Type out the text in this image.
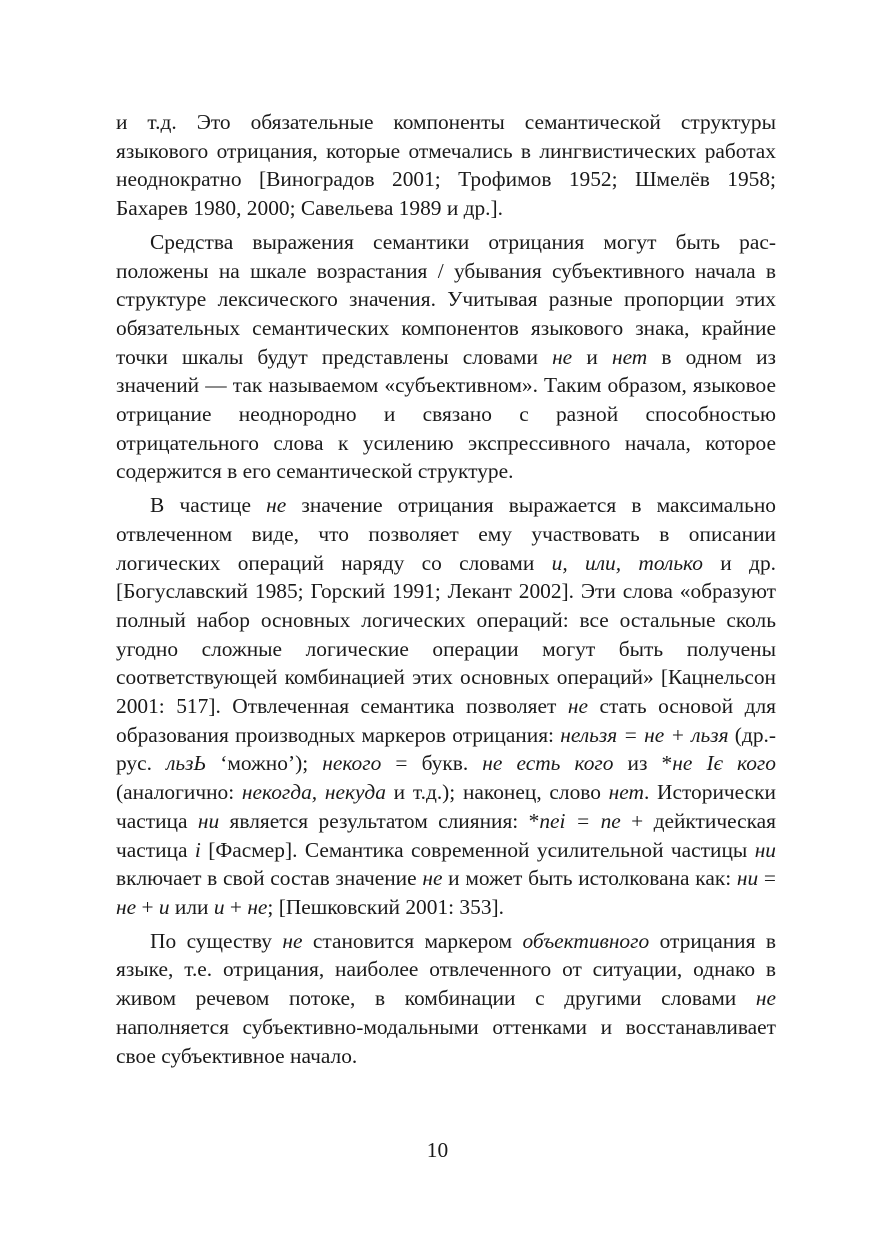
и т.д. Это обязательные компоненты семантической структуры языкового отрицания, которые отмечались в лингвистических работах неоднократно [Виноградов 2001; Трофимов 1952; Шмелёв 1958; Бахарев 1980, 2000; Савельева 1989 и др.].

Средства выражения семантики отрицания могут быть расположены на шкале возрастания / убывания субъективного начала в структуре лексического значения. Учитывая разные пропорции этих обязательных семантических компонентов языкового знака, крайние точки шкалы будут представлены словами не и нет в одном из значений — так называемом «субъективном». Таким образом, языковое отрицание неоднородно и связано с разной способностью отрицательного слова к усилению экспрессивного начала, которое содержится в его семантической структуре.

В частице не значение отрицания выражается в максимально отвлеченном виде, что позволяет ему участвовать в описании логических операций наряду со словами и, или, только и др. [Богуславский 1985; Горский 1991; Лекант 2002]. Эти слова «образуют полный набор основных логических операций: все остальные сколь угодно сложные логические операции могут быть получены соответствующей комбинацией этих основных операций» [Кацнельсон 2001: 517]. Отвлеченная семантика позволяет не стать основой для образования производных маркеров отрицания: нельзя = не + льзя (др.-рус. льзЬ ‘можно’); некого = букв. не есть кого из *не Iє кого (аналогично: некогда, некуда и т.д.); наконец, слово нет. Исторически частица ни является результатом слияния: *nei = ne + дейктическая частица i [Фасмер]. Семантика современной усилительной частицы ни включает в свой состав значение не и может быть истолкована как: ни = не + и или и + не; [Пешковский 2001: 353].

По существу не становится маркером объективного отрицания в языке, т.е. отрицания, наиболее отвлеченного от ситуации, однако в живом речевом потоке, в комбинации с другими словами не наполняется субъективно-модальными оттенками и восстанавливает свое субъективное начало.

10
